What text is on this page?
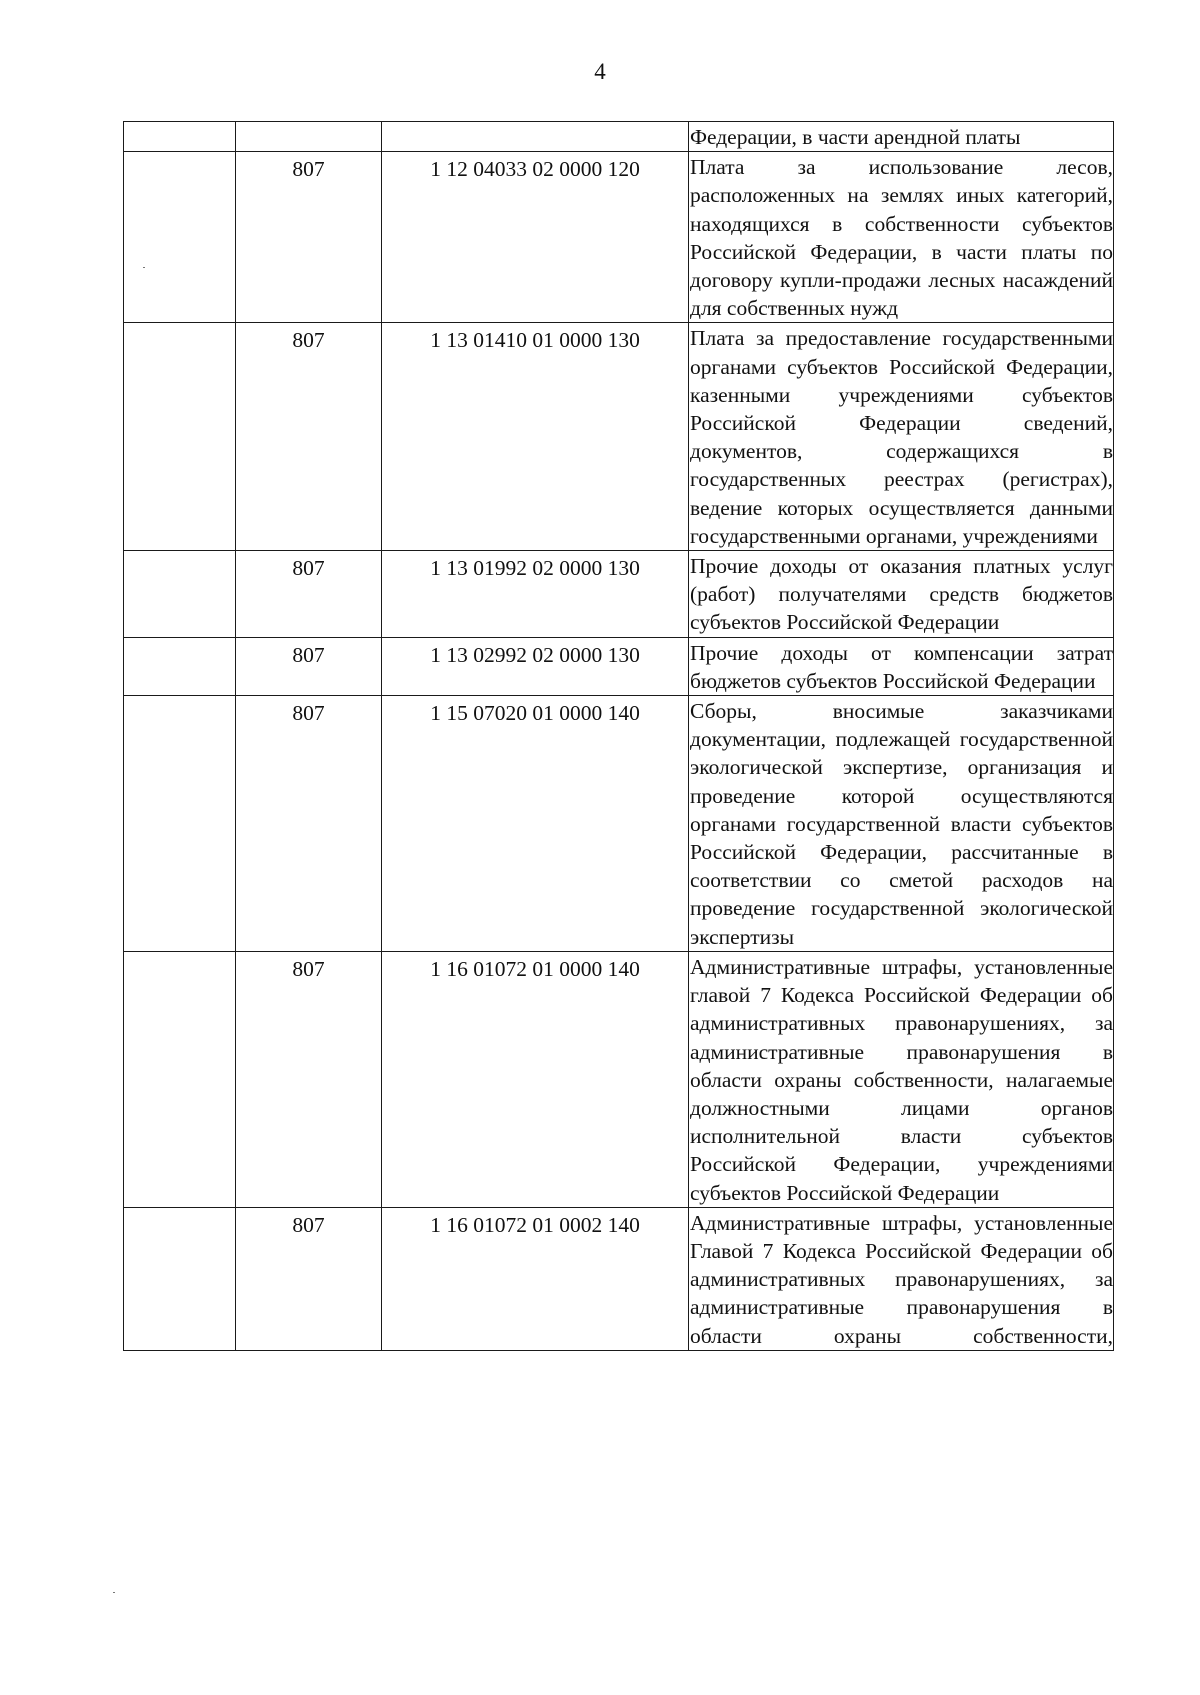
4
			Федерации, в части арендной платы
	807	1 12 04033 02 0000 120	Плата за использование лесов, расположенных на землях иных категорий, находящихся в собственности субъектов Российской Федерации, в части платы по договору купли-продажи лесных насаждений для собственных нужд
	807	1 13 01410 01 0000 130	Плата за предоставление государственными органами субъектов Российской Федерации, казенными учреждениями субъектов Российской Федерации сведений, документов, содержащихся в государственных реестрах (регистрах), ведение которых осуществляется данными государственными органами, учреждениями
	807	1 13 01992 02 0000 130	Прочие доходы от оказания платных услуг (работ) получателями средств бюджетов субъектов Российской Федерации
	807	1 13 02992 02 0000 130	Прочие доходы от компенсации затрат бюджетов субъектов Российской Федерации
	807	1 15 07020 01 0000 140	Сборы, вносимые заказчиками документации, подлежащей государственной экологической экспертизе, организация и проведение которой осуществляются органами государственной власти субъектов Российской Федерации, рассчитанные в соответствии со сметой расходов на проведение государственной экологической экспертизы
	807	1 16 01072 01 0000 140	Административные штрафы, установленные главой 7 Кодекса Российской Федерации об административных правонарушениях, за административные правонарушения в области охраны собственности, налагаемые должностными лицами органов исполнительной власти субъектов Российской Федерации, учреждениями субъектов Российской Федерации
	807	1 16 01072 01 0002 140	Административные штрафы, установленные Главой 7 Кодекса Российской Федерации об административных правонарушениях, за административные правонарушения в области охраны собственности,
